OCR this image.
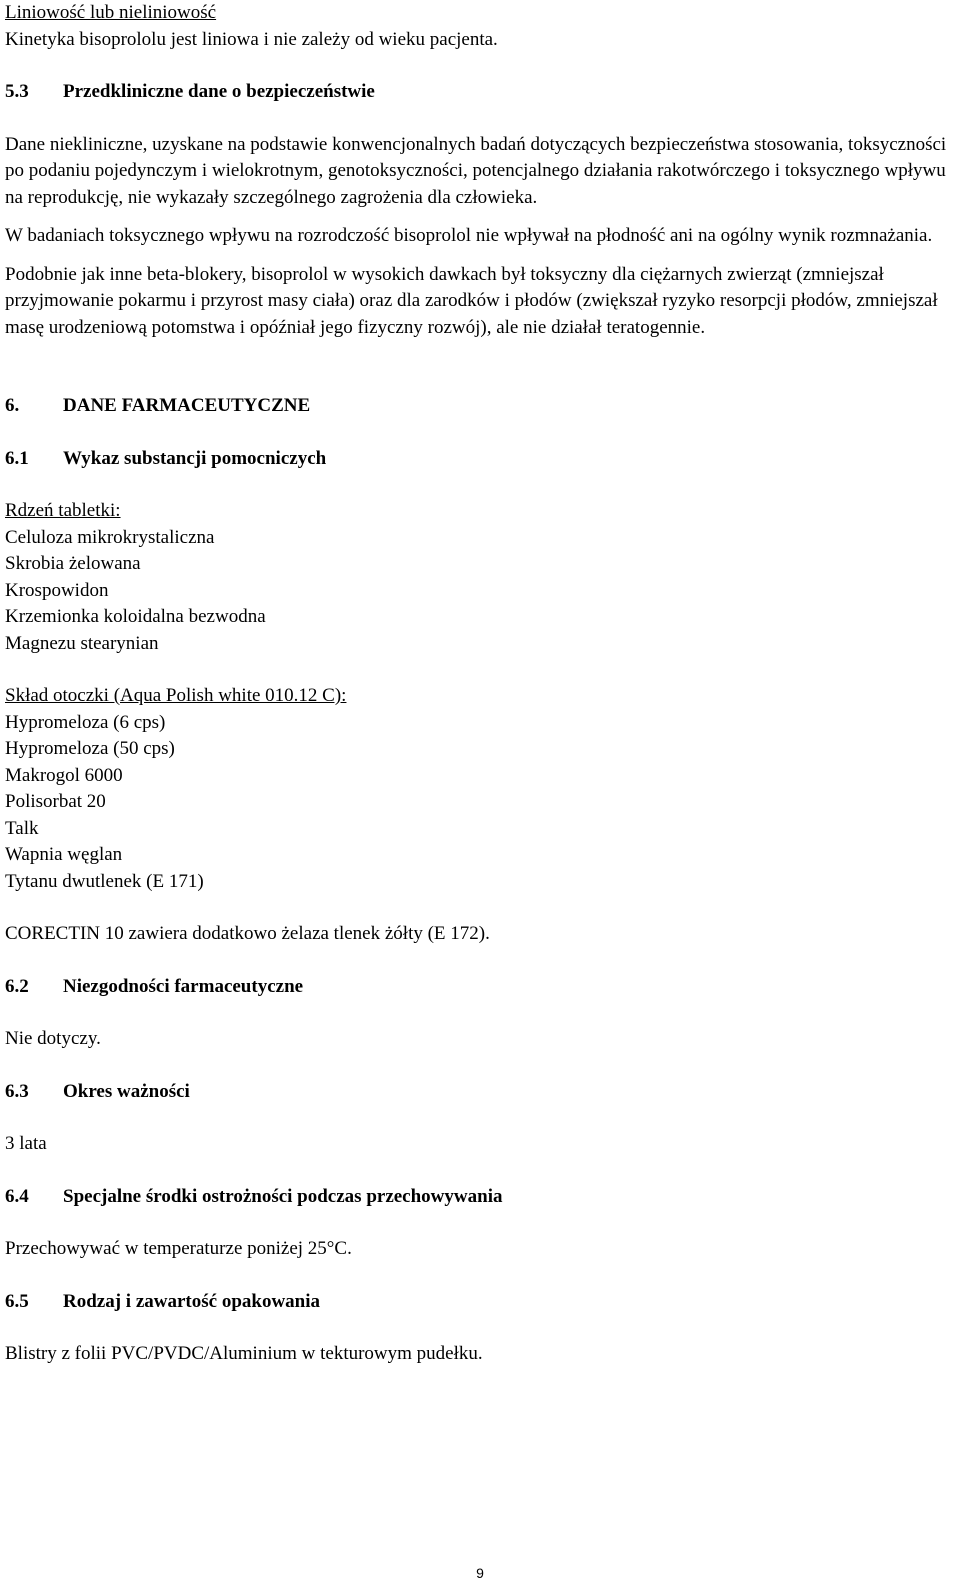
Liniowość lub nieliniowość
Kinetyka bisoprololu jest liniowa i nie zależy od wieku pacjenta.

5.3	Przedkliniczne dane o bezpieczeństwie

Dane niekliniczne, uzyskane na podstawie konwencjonalnych badań dotyczących bezpieczeństwa stosowania, toksyczności po podaniu pojedynczym i wielokrotnym, genotoksyczności, potencjalnego działania rakotwórczego i toksycznego wpływu na reprodukcję, nie wykazały szczególnego zagrożenia dla człowieka.

W badaniach toksycznego wpływu na rozrodczość bisoprolol nie wpływał na płodność ani na ogólny wynik rozmnażania.

Podobnie jak inne beta-blokery, bisoprolol w wysokich dawkach był toksyczny dla ciężarnych zwierząt (zmniejszał przyjmowanie pokarmu i przyrost masy ciała) oraz dla zarodków i płodów (zwiększał ryzyko resorpcji płodów, zmniejszał masę urodzeniową potomstwa i opóźniał jego fizyczny rozwój), ale nie działał teratogennie.

6.	DANE FARMACEUTYCZNE
6.1	Wykaz substancji pomocniczych
Rdzeń tabletki:
Celuloza mikrokrystaliczna
Skrobia żelowana
Krospowidon
Krzemionka koloidalna bezwodna
Magnezu stearynian
Skład otoczki (Aqua Polish white 010.12 C):
Hypromeloza (6 cps)
Hypromeloza (50 cps)
Makrogol 6000
Polisorbat 20
Talk
Wapnia węglan
Tytanu dwutlenek (E 171)

CORECTIN 10 zawiera dodatkowo żelaza tlenek żółty (E 172).

6.2	Niezgodności farmaceutyczne

Nie dotyczy.

6.3	Okres ważności

3 lata

6.4	Specjalne środki ostrożności podczas przechowywania

Przechowywać w temperaturze poniżej 25°C.

6.5	Rodzaj i zawartość opakowania

Blistry z folii PVC/PVDC/Aluminium w tekturowym pudełku.

9
